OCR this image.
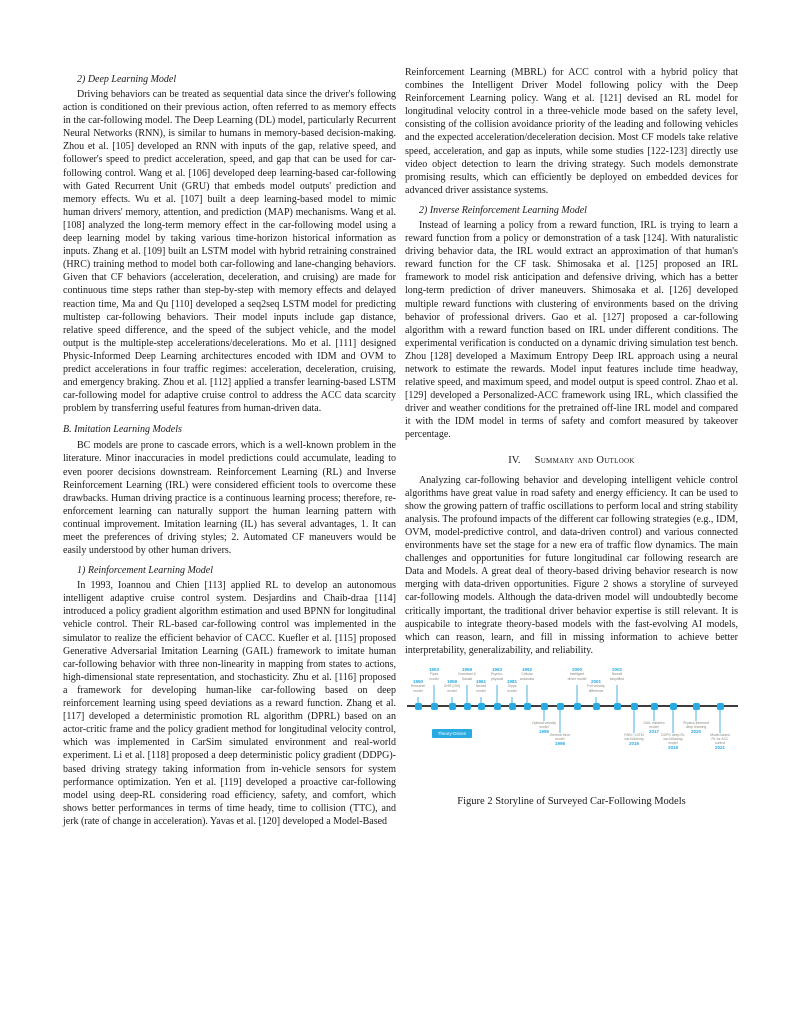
2) Deep Learning Model

Driving behaviors can be treated as sequential data since the driver's following action is conditioned on their previous action, often referred to as memory effects in the car-following model. The Deep Learning (DL) model, particularly Recurrent Neural Networks (RNN), is similar to humans in memory-based decision-making. Zhou et al. [105] developed an RNN with inputs of the gap, relative speed, and follower's speed to predict acceleration, speed, and gap that can be used for car-following control. Wang et al. [106] developed deep learning-based car-following with Gated Recurrent Unit (GRU) that embeds model outputs' prediction and memory effects. Wu et al. [107] built a deep learning-based model to mimic human drivers' memory, attention, and prediction (MAP) mechanisms. Wang et al. [108] analyzed the long-term memory effect in the car-following model using a deep learning model by taking various time-horizon historical information as inputs. Zhang et al. [109] built an LSTM model with hybrid retraining constrained (HRC) training method to model both car-following and lane-changing behaviors. Given that CF behaviors (acceleration, deceleration, and cruising) are made for continuous time steps rather than step-by-step with memory effects and delayed reaction time, Ma and Qu [110] developed a seq2seq LSTM model for predicting multistep car-following behaviors. Their model inputs include gap distance, relative speed difference, and the speed of the subject vehicle, and the model output is the multiple-step accelerations/decelerations. Mo et al. [111] designed Physic-Informed Deep Learning architectures encoded with IDM and OVM to predict accelerations in four traffic regimes: acceleration, deceleration, cruising, and emergency braking. Zhou et al. [112] applied a transfer learning-based LSTM car-following model for adaptive cruise control to address the ACC data scarcity problem by transferring useful features from human-driven data.

B. Imitation Learning Models

BC models are prone to cascade errors, which is a well-known problem in the literature. Minor inaccuracies in model predictions could accumulate, leading to even poorer decisions downstream. Reinforcement Learning (RL) and Inverse Reinforcement Learning (IRL) were considered efficient tools to overcome these drawbacks. Human driving practice is a continuous learning process; therefore, re-enforcement learning can naturally support the human learning pattern with continual improvement. Imitation learning (IL) has several advantages, 1. It can meet the preferences of driving styles; 2. Automated CF maneuvers would be easily understood by other human drivers.

1) Reinforcement Learning Model

In 1993, Ioannou and Chien [113] applied RL to develop an autonomous intelligent adaptive cruise control system. Desjardins and Chaib-draa [114] introduced a policy gradient algorithm estimation and used BPNN for longitudinal vehicle control. Their RL-based car-following control was implemented in the simulator to realize the efficient behavior of CACC. Kuefler et al. [115] proposed Generative Adversarial Imitation Learning (GAIL) framework to imitate human car-following behavior with three non-linearity in mapping from states to actions, high-dimensional state representation, and stochasticity. Zhu et al. [116] proposed a framework for developing human-like car-following based on deep reinforcement learning using speed deviations as a reward function. Zhang et al. [117] developed a deterministic promotion RL algorithm (DPRL) based on an actor-critic frame and the policy gradient method for longitudinal velocity control, which was implemented in CarSim simulated environment and real-world experiment. Li et al. [118] proposed a deep deterministic policy gradient (DDPG)-based driving strategy taking information from in-vehicle sensors for system performance optimization. Yen et al. [119] developed a proactive car-following model using deep-RL considering road efficiency, safety, and comfort, which shows better performances in terms of time heady, time to collision (TTC), and jerk (rate of change in acceleration). Yavas et al. [120] developed a Model-Based

Reinforcement Learning (MBRL) for ACC control with a hybrid policy that combines the Intelligent Driver Model following policy with the Deep Reinforcement Learning policy. Wang et al. [121] devised an RL model for longitudinal velocity control in a three-vehicle mode based on the safety level, consisting of the collision avoidance priority of the leading and following vehicles and the expected acceleration/deceleration decision. Most CF models take relative speed, acceleration, and gap as inputs, while some studies [122-123] directly use video object detection to learn the driving strategy. Such models demonstrate promising results, which can efficiently be deployed on embedded devices for advanced driver assistance systems.

2) Inverse Reinforcement Learning Model

Instead of learning a policy from a reward function, IRL is trying to learn a reward function from a policy or demonstration of a task [124]. With naturalistic driving behavior data, the IRL would extract an approximation of that human's reward function for the CF task. Shimosaka et al. [125] proposed an IRL framework to model risk anticipation and defensive driving, which has a better long-term prediction of driver maneuvers. Shimosaka et al. [126] developed multiple reward functions with clustering of environments based on the driving behavior of professional drivers. Gao et al. [127] proposed a car-following algorithm with a reward function based on IRL under different conditions. The experimental verification is conducted on a dynamic driving simulation test bench. Zhou [128] developed a Maximum Entropy Deep IRL approach using a neural network to estimate the rewards. Model input features include time headway, relative speed, and maximum speed, and model output is speed control. Zhao et al. [129] developed a Personalized-ACC framework using IRL, which classified the driver and weather conditions for the pretrained off-line IRL model and compared it with the IDM model in terms of safety and comfort measured by takeover percentage.

IV. Summary and Outlook

Analyzing car-following behavior and developing intelligent vehicle control algorithms have great value in road safety and energy efficiency. It can be used to show the growing pattern of traffic oscillations to perform local and string stability analysis. The profound impacts of the different car following strategies (e.g., IDM, OVM, model-predictive control, and data-driven control) and various connected environments have set the stage for a new era of traffic flow dynamics. The main challenges and opportunities for future longitudinal car following research are Data and Models. A great deal of theory-based driving behavior research is now merging with data-driven opportunities. Figure 2 shows a storyline of surveyed car-following models. Although the data-driven model will undoubtedly become critically important, the traditional driver behavior expertise is still relevant. It is auspicabile to integrate theory-based models with the fast-evolving AI models, which can reason, learn, and fill in missing information to achieve better interpretability, generalizability, and reliability.

Theory-Driven
1950
Reuschel
model
1953
Pipes
model
1958
GHR (GM)
model
1959
Kometani &
Sasaki
1961
Newell
model
1963
Psycho-
physical
1981
Gipps
model
1992
Cellular
automata
Optimal velocity
model
1995
General force
model
1998
2000
Intelligent
driver model
2001
Full velocity
difference
2002
Newell
simplified
RNN / LSTM
car-following
2016
GAIL imitation
model
2017
DDPG deep-RL
car-following
model
2018
Physics-informed
deep learning
2020
Model-based
RL for ACC
control
2021

Figure 2 Storyline of Surveyed Car-Following Models
